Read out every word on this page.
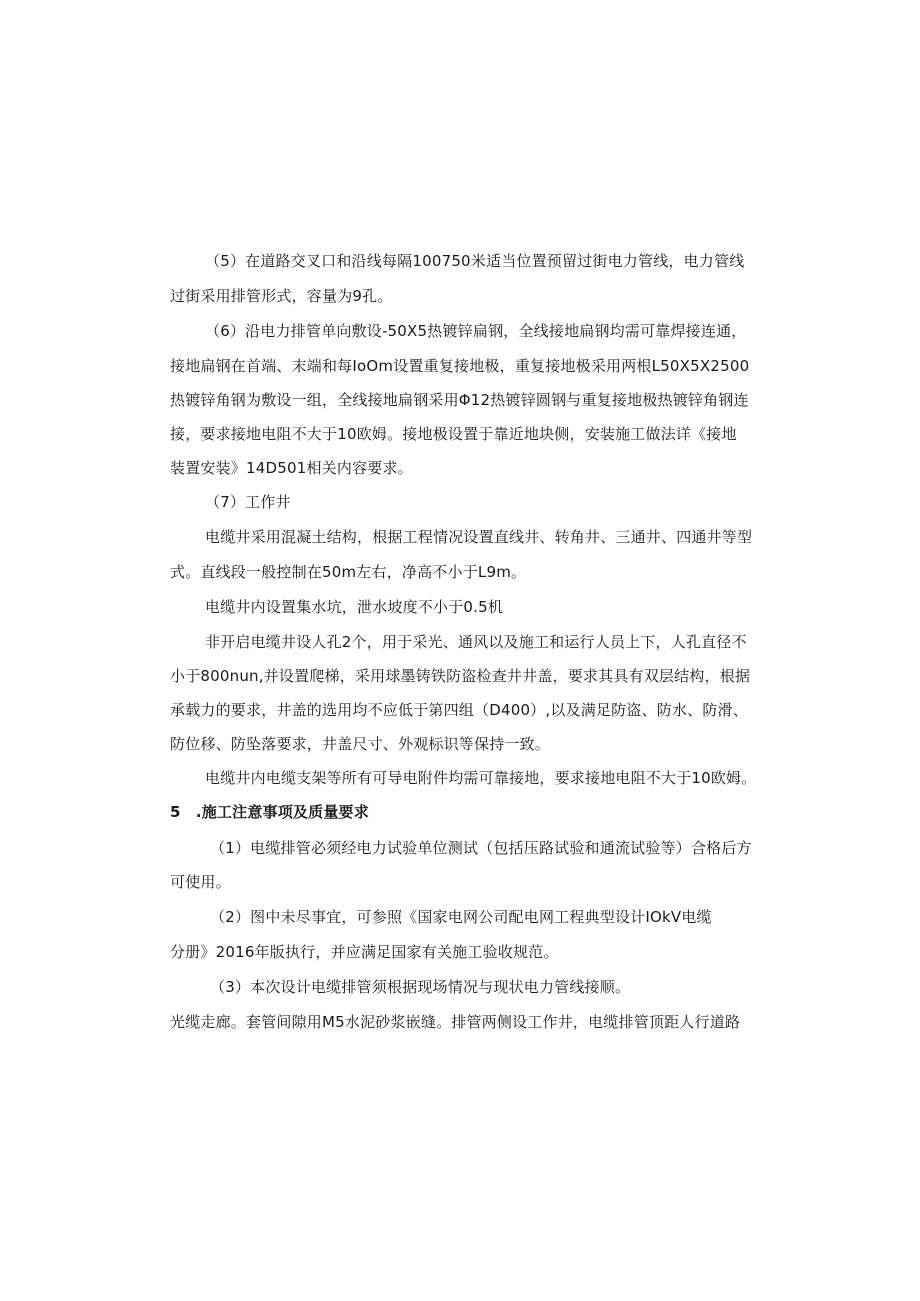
（5）在道路交叉口和沿线每隔100750米适当位置预留过街电力管线，电力管线
过街采用排管形式，容量为9孔。
（6）沿电力排管单向敷设-50X5热镀锌扁钢，全线接地扁钢均需可靠焊接连通，
接地扁钢在首端、末端和每IoOm设置重复接地极，重复接地极采用两根L50X5X2500
热镀锌角钢为敷设一组，全线接地扁钢采用Φ12热镀锌圆钢与重复接地极热镀锌角钢连
接，要求接地电阻不大于10欧姆。接地极设置于靠近地块侧，安装施工做法详《接地
装置安装》14D501相关内容要求。
（7）工作井
电缆井采用混凝土结构，根据工程情况设置直线井、转角井、三通井、四通井等型
式。直线段一般控制在50m左右，净高不小于L9m。
电缆井内设置集水坑，泄水坡度不小于0.5机
非开启电缆井设人孔2个，用于采光、通风以及施工和运行人员上下，人孔直径不
小于800nun,并设置爬梯，采用球墨铸铁防盗检查井井盖，要求其具有双层结构，根据
承载力的要求，井盖的选用均不应低于第四组（D400）,以及满足防盗、防水、防滑、
防位移、防坠落要求，井盖尺寸、外观标识等保持一致。
电缆井内电缆支架等所有可导电附件均需可靠接地，要求接地电阻不大于10欧姆。
5　.施工注意事项及质量要求
（1）电缆排管必须经电力试验单位测试（包括压路试验和通流试验等）合格后方
可使用。
（2）图中未尽事宜，可参照《国家电网公司配电网工程典型设计IOkV电缆
分册》2016年版执行，并应满足国家有关施工验收规范。
（3）本次设计电缆排管须根据现场情况与现状电力管线接顺。
光缆走廊。套管间隙用M5水泥砂浆嵌缝。排管两侧设工作井，电缆排管顶距人行道路
